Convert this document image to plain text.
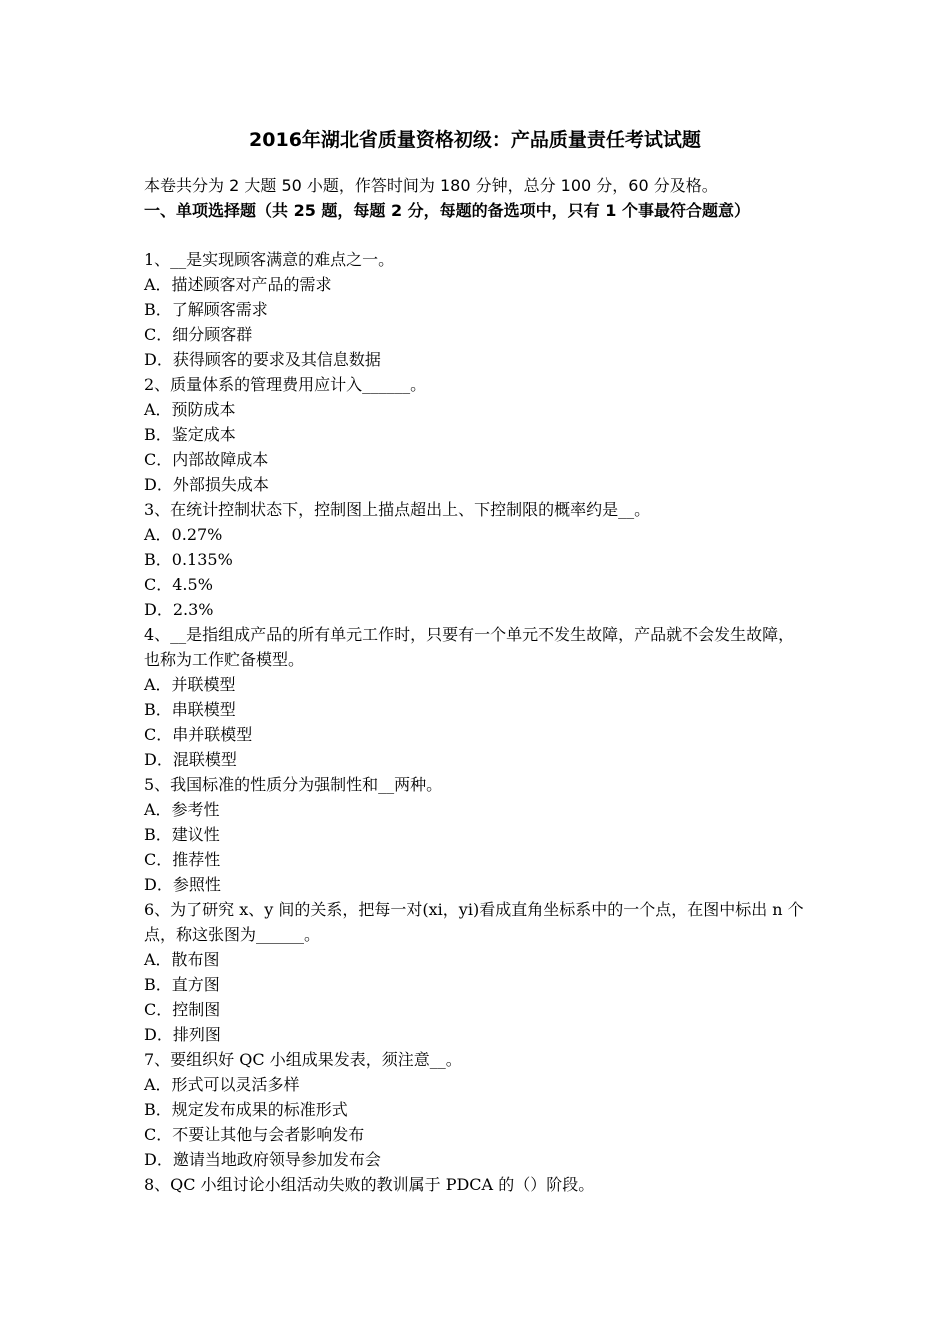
2016年湖北省质量资格初级：产品质量责任考试试题
本卷共分为 2 大题 50 小题，作答时间为 180 分钟，总分 100 分，60 分及格。
一、单项选择题（共 25 题，每题 2 分，每题的备选项中，只有 1 个事最符合题意）
1、__是实现顾客满意的难点之一。
A．描述顾客对产品的需求
B．了解顾客需求
C．细分顾客群
D．获得顾客的要求及其信息数据
2、质量体系的管理费用应计入______。
A．预防成本
B．鉴定成本
C．内部故障成本
D．外部损失成本
3、在统计控制状态下，控制图上描点超出上、下控制限的概率约是__。
A．0.27%
B．0.135%
C．4.5%
D．2.3%
4、__是指组成产品的所有单元工作时，只要有一个单元不发生故障，产品就不会发生故障，也称为工作贮备模型。
A．并联模型
B．串联模型
C．串并联模型
D．混联模型
5、我国标准的性质分为强制性和__两种。
A．参考性
B．建议性
C．推荐性
D．参照性
6、为了研究 x、y 间的关系，把每一对(xi，yi)看成直角坐标系中的一个点，在图中标出 n 个点，称这张图为______。
A．散布图
B．直方图
C．控制图
D．排列图
7、要组织好 QC 小组成果发表，须注意__。
A．形式可以灵活多样
B．规定发布成果的标准形式
C．不要让其他与会者影响发布
D．邀请当地政府领导参加发布会
8、QC 小组讨论小组活动失败的教训属于 PDCA 的（）阶段。
